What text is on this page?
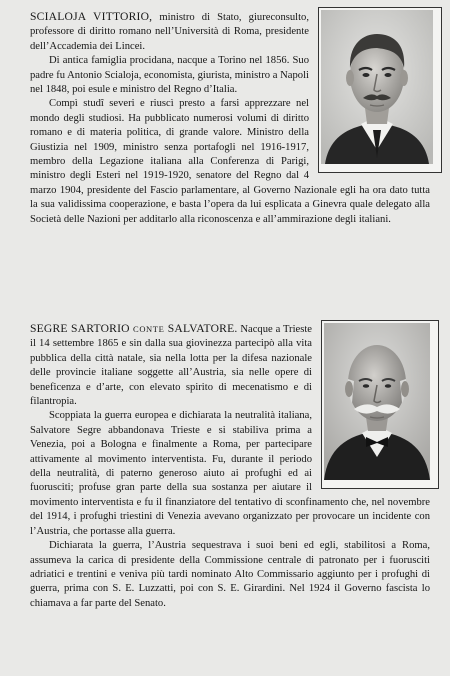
SCIALOJA VITTORIO, ministro di Stato, giureconsulto, professore di diritto romano nell’Università di Roma, presidente dell’Accademia dei Lincei.

Di antica famiglia procidana, nacque a Torino nel 1856. Suo padre fu Antonio Scialoja, economista, giurista, ministro a Napoli nel 1848, poi esule e ministro del Regno d’Italia.

Compì studî severi e riuscì presto a farsi apprezzare nel mondo degli studiosi. Ha pubblicato numerosi volumi di diritto romano e di materia politica, di grande valore. Ministro della Giustizia nel 1909, ministro senza portafogli nel 1916-1917, membro della Legazione italiana alla Conferenza di Parigi, ministro degli Esteri nel 1919-1920, senatore del Regno dal 4 marzo 1904, presidente del Fascio parlamentare, al Governo Nazionale egli ha ora dato tutta la sua validissima cooperazione, e basta l’opera da lui esplicata a Ginevra quale delegato alla Società delle Nazioni per additarlo alla riconoscenza e all’ammirazione degli italiani.

SEGRE SARTORIO CONTE SALVATORE. Nacque a Trieste il 14 settembre 1865 e sin dalla sua giovinezza partecipò alla vita pubblica della città natale, sia nella lotta per la difesa nazionale delle provincie italiane soggette all’Austria, sia nelle opere di beneficenza e d’arte, con elevato spirito di mecenatismo e di filantropia.

Scoppiata la guerra europea e dichiarata la neutralità italiana, Salvatore Segre abbandonava Trieste e si stabiliva prima a Venezia, poi a Bologna e finalmente a Roma, per partecipare attivamente al movimento interventista. Fu, durante il periodo della neutralità, di paterno generoso aiuto ai profughi ed ai fuorusciti; profuse gran parte della sua sostanza per aiutare il movimento interventista e fu il finanziatore del tentativo di sconfinamento che, nel novembre del 1914, i profughi triestini di Venezia avevano organizzato per provocare un incidente con l’Austria, che portasse alla guerra.

Dichiarata la guerra, l’Austria sequestrava i suoi beni ed egli, stabilitosi a Roma, assumeva la carica di presidente della Commissione centrale di patronato per i fuorusciti adriatici e trentini e veniva più tardi nominato Alto Commissario aggiunto per i profughi di guerra, prima con S. E. Luzzatti, poi con S. E. Girardini. Nel 1924 il Governo fascista lo chiamava a far parte del Senato.
